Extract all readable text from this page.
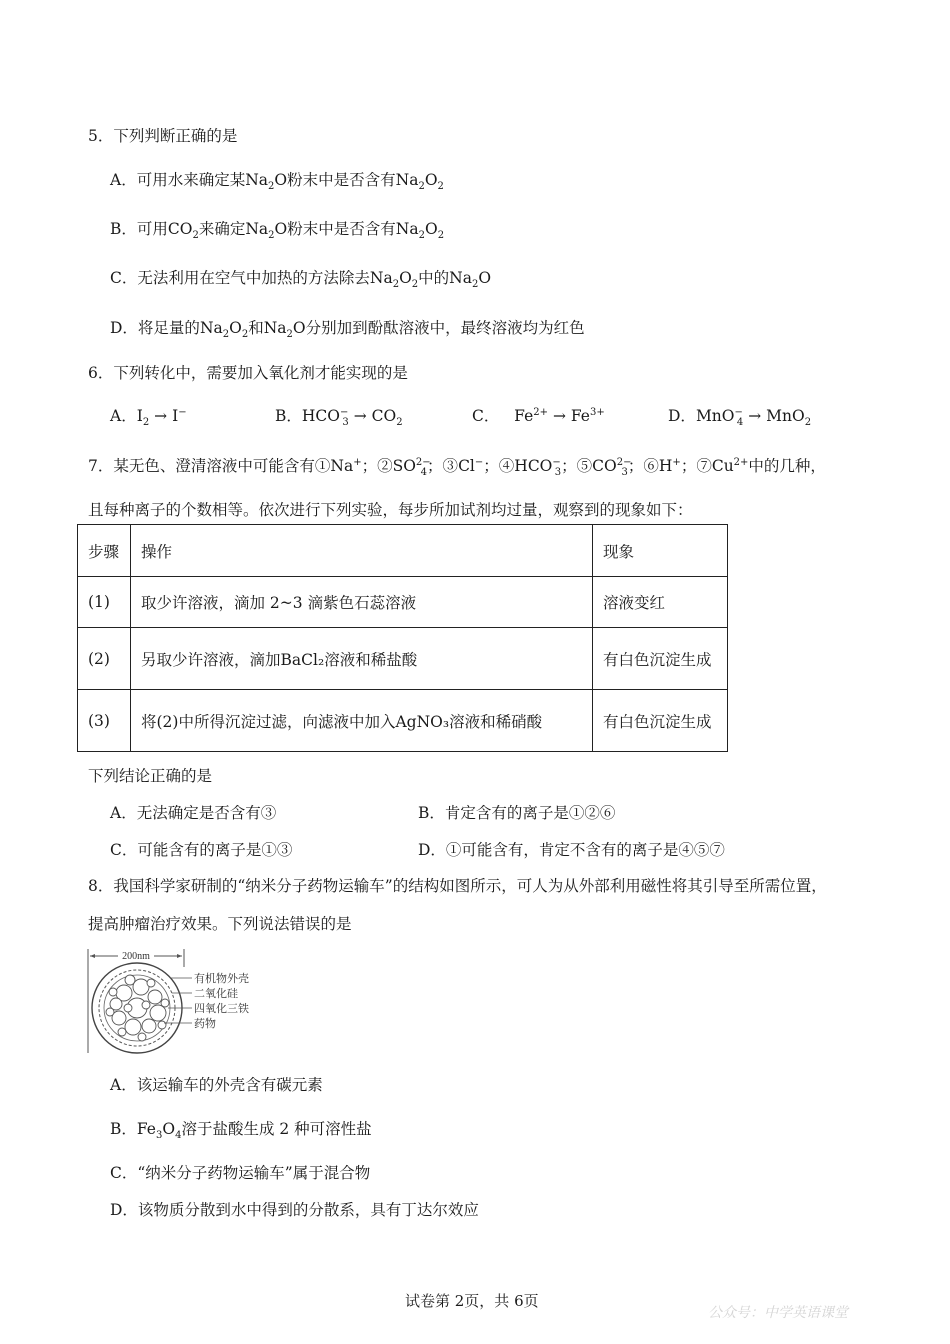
5．下列判断正确的是
A．可用水来确定某$Na_2O$粉末中是否含有$Na_2O_2$
B．可用$CO_2$来确定$Na_2O$粉末中是否含有$Na_2O_2$
C．无法利用在空气中加热的方法除去$Na_2O_2$中的$Na_2O$
D．将足量的$Na_2O_2$和$Na_2O$分别加到酚酞溶液中，最终溶液均为红色
6．下列转化中，需要加入氧化剂才能实现的是
A．$I_2 \to I^-$	B．$HCO^-_3 \to CO_2$	C．   $Fe^{2+} \to Fe^{3+}$	D．MnO−$_4$ → MnO$_2$
7．某无色、澄清溶液中可能含有①Na+；$②SO^{2-}_4$；③Cl−；$④HCO^-_3$；$⑤CO^{2-}_3$；⑥H+；$⑦Cu^{2+}$中的几种，
且每种离子的个数相等。依次进行下列实验，每步所加试剂均过量，观察到的现象如下：
步骤	操作	现象
(1)	取少许溶液，滴加 2~3 滴紫色石蕊溶液	溶液变红
(2)	另取少许溶液，滴加BaCl₂溶液和稀盐酸	有白色沉淀生成
(3)	将(2)中所得沉淀过滤，向滤液中加入AgNO₃溶液和稀硝酸	有白色沉淀生成
下列结论正确的是
A．无法确定是否含有③	B．肯定含有的离子是①②⑥
C．可能含有的离子是①③	D．①可能含有，肯定不含有的离子是④⑤⑦
8．我国科学家研制的“纳米分子药物运输车”的结构如图所示，可人为从外部利用磁性将其引导至所需位置，
提高肿瘤治疗效果。下列说法错误的是
200nm
有机物外壳
二氧化硅
四氧化三铁
药物
A．该运输车的外壳含有碳元素
B．$Fe_3O_4$溶于盐酸生成 2 种可溶性盐
C．“纳米分子药物运输车”属于混合物
D．该物质分散到水中得到的分散系，具有丁达尔效应
试卷第 2页，共 6页
公众号：中学英语课堂
